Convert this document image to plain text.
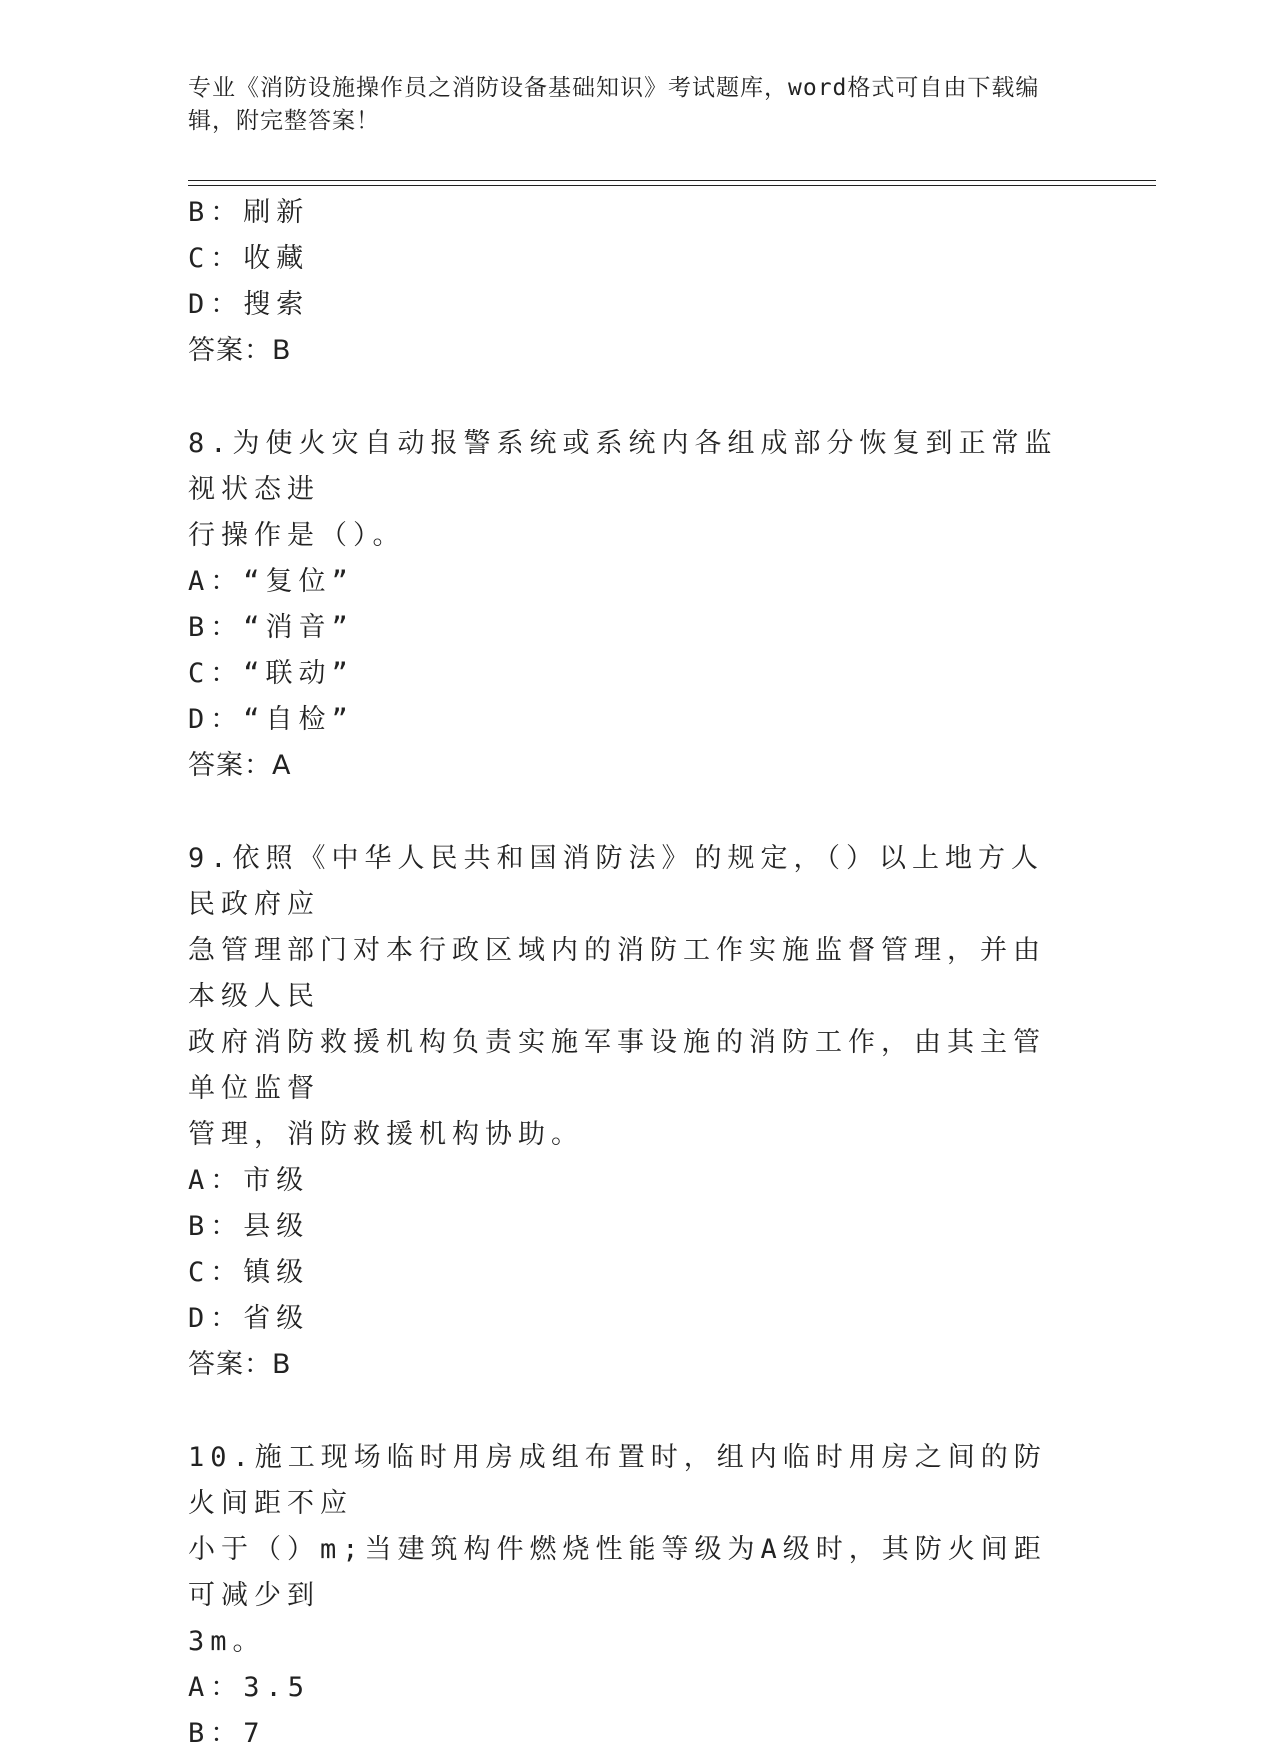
专业《消防设施操作员之消防设备基础知识》考试题库，word格式可自由下载编辑，附完整答案！
B：刷新
C：收藏
D：搜索
答案：B
8.为使火灾自动报警系统或系统内各组成部分恢复到正常监视状态进
行操作是（）。
A：“复位”
B：“消音”
C：“联动”
D：“自检”
答案：A
9.依照《中华人民共和国消防法》的规定，（）以上地方人民政府应
急管理部门对本行政区域内的消防工作实施监督管理，并由本级人民
政府消防救援机构负责实施军事设施的消防工作，由其主管单位监督
管理，消防救援机构协助。
A：市级
B：县级
C：镇级
D：省级
答案：B
10.施工现场临时用房成组布置时，组内临时用房之间的防火间距不应
小于（）m;当建筑构件燃烧性能等级为A级时，其防火间距可减少到
3m。
A：3.5
B：7
